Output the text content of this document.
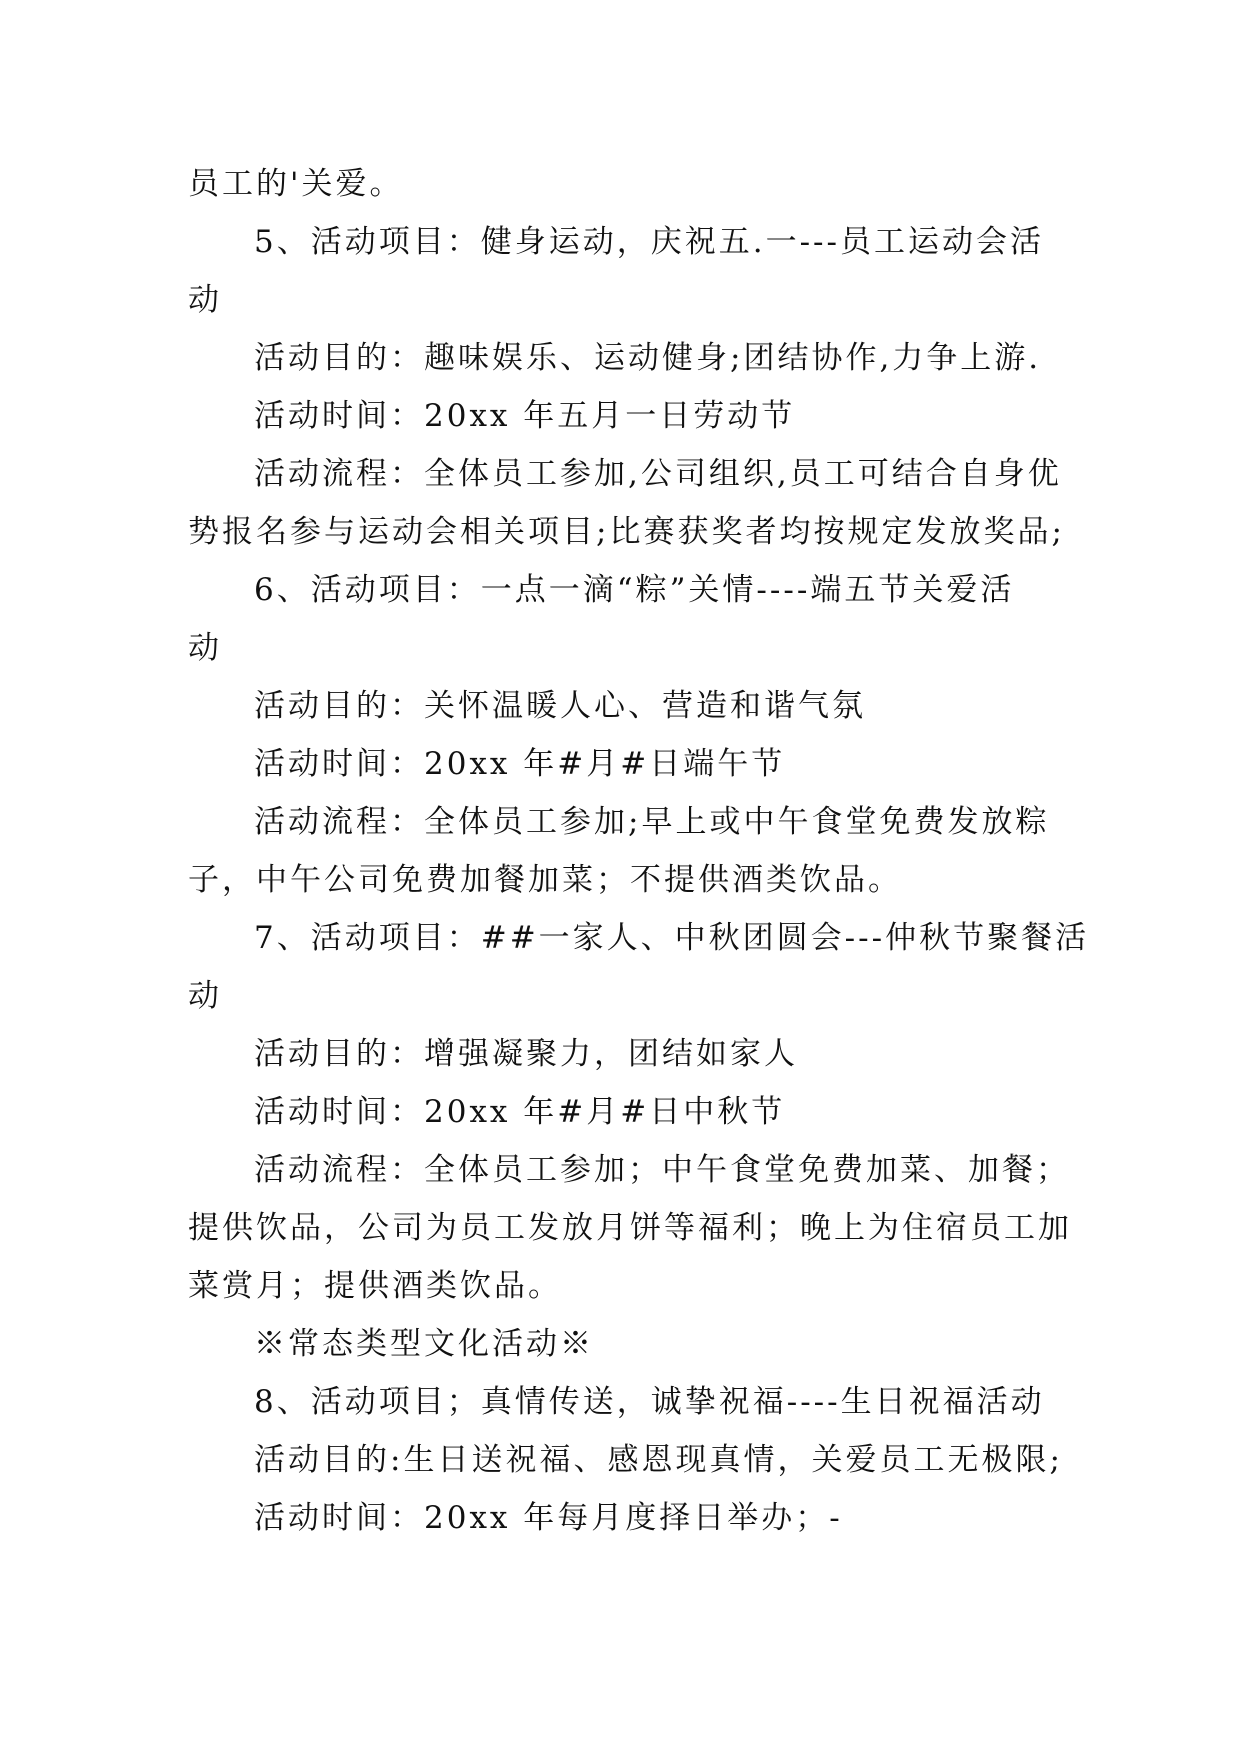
员工的'关爱。

5、活动项目：健身运动，庆祝五.一---员工运动会活

动

活动目的：趣味娱乐、运动健身;团结协作,力争上游.

活动时间：20xx 年五月一日劳动节

活动流程：全体员工参加,公司组织,员工可结合自身优

势报名参与运动会相关项目;比赛获奖者均按规定发放奖品;

6、活动项目：一点一滴“粽”关情----端五节关爱活

动

活动目的：关怀温暖人心、营造和谐气氛

活动时间：20xx 年#月#日端午节

活动流程：全体员工参加;早上或中午食堂免费发放粽

子，中午公司免费加餐加菜；不提供酒类饮品。

7、活动项目：##一家人、中秋团圆会---仲秋节聚餐活

动

活动目的：增强凝聚力，团结如家人

活动时间：20xx 年#月#日中秋节

活动流程：全体员工参加；中午食堂免费加菜、加餐；

提供饮品，公司为员工发放月饼等福利；晚上为住宿员工加

菜赏月；提供酒类饮品。

※常态类型文化活动※

8、活动项目；真情传送，诚挚祝福----生日祝福活动

活动目的:生日送祝福、感恩现真情，关爱员工无极限;

活动时间：20xx 年每月度择日举办；-
